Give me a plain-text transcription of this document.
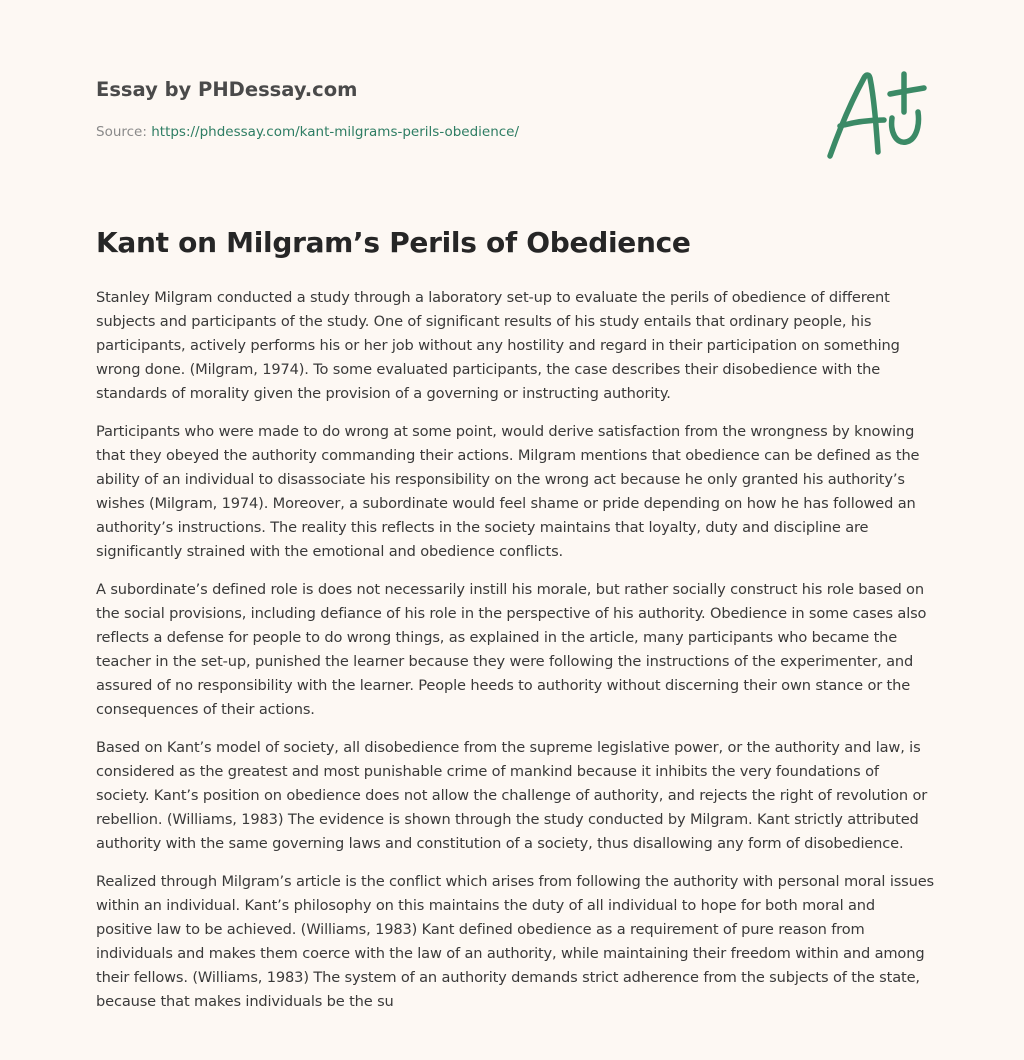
Essay by PHDessay.com
Source: https://phdessay.com/kant-milgrams-perils-obedience/
Kant on Milgram’s Perils of Obedience

Stanley Milgram conducted a study through a laboratory set-up to evaluate the perils of obedience of different subjects and participants of the study. One of significant results of his study entails that ordinary people, his participants, actively performs his or her job without any hostility and regard in their participation on something wrong done. (Milgram, 1974). To some evaluated participants, the case describes their disobedience with the standards of morality given the provision of a governing or instructing authority.

Participants who were made to do wrong at some point, would derive satisfaction from the wrongness by knowing that they obeyed the authority commanding their actions. Milgram mentions that obedience can be defined as the ability of an individual to disassociate his responsibility on the wrong act because he only granted his authority’s wishes (Milgram, 1974). Moreover, a subordinate would feel shame or pride depending on how he has followed an authority’s instructions. The reality this reflects in the society maintains that loyalty, duty and discipline are significantly strained with the emotional and obedience conflicts.

A subordinate’s defined role is does not necessarily instill his morale, but rather socially construct his role based on the social provisions, including defiance of his role in the perspective of his authority. Obedience in some cases also reflects a defense for people to do wrong things, as explained in the article, many participants who became the teacher in the set-up, punished the learner because they were following the instructions of the experimenter, and assured of no responsibility with the learner. People heeds to authority without discerning their own stance or the consequences of their actions.

Based on Kant’s model of society, all disobedience from the supreme legislative power, or the authority and law, is considered as the greatest and most punishable crime of mankind because it inhibits the very foundations of society. Kant’s position on obedience does not allow the challenge of authority, and rejects the right of revolution or rebellion. (Williams, 1983) The evidence is shown through the study conducted by Milgram. Kant strictly attributed authority with the same governing laws and constitution of a society, thus disallowing any form of disobedience.

Realized through Milgram’s article is the conflict which arises from following the authority with personal moral issues within an individual. Kant’s philosophy on this maintains the duty of all individual to hope for both moral and positive law to be achieved. (Williams, 1983) Kant defined obedience as a requirement of pure reason from individuals and makes them coerce with the law of an authority, while maintaining their freedom within and among their fellows. (Williams, 1983) The system of an authority demands strict adherence from the subjects of the state, because that makes individuals be the su
